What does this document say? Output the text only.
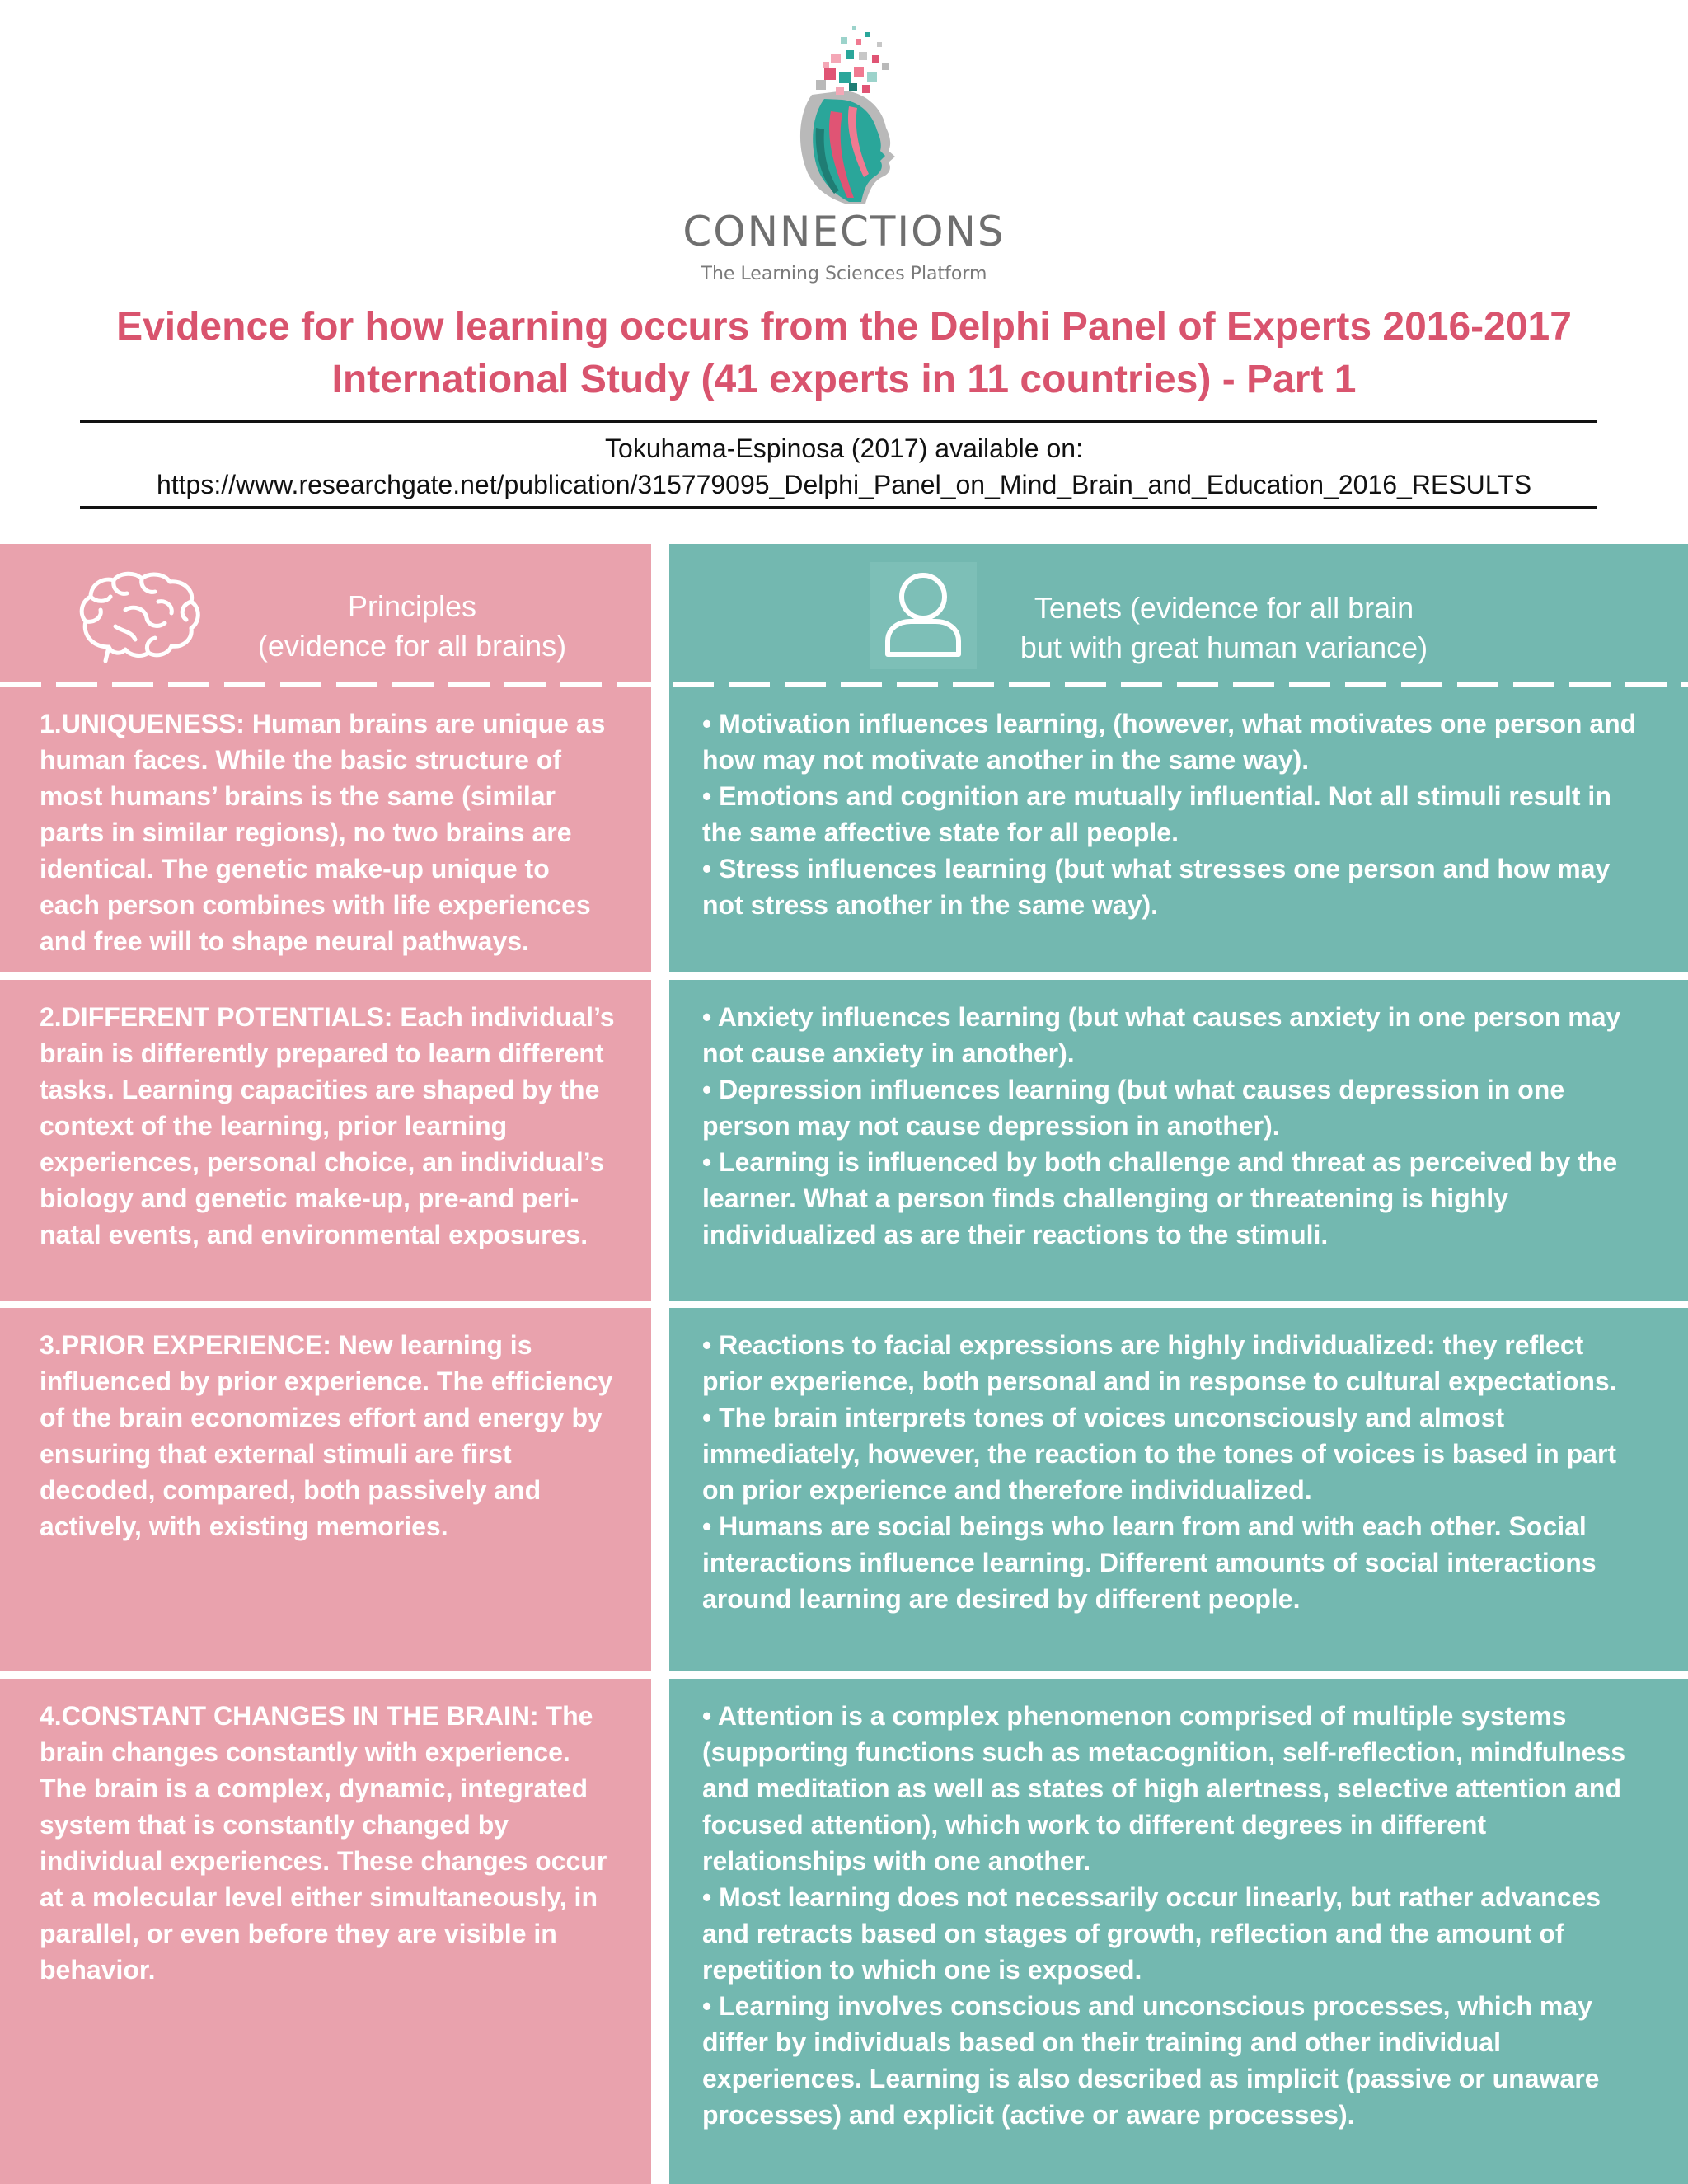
CONNECTIONS
The Learning Sciences Platform
Evidence for how learning occurs from the Delphi Panel of Experts 2016-2017
International Study (41 experts in 11 countries) - Part 1
Tokuhama-Espinosa (2017) available on:
https://www.researchgate.net/publication/315779095_Delphi_Panel_on_Mind_Brain_and_Education_2016_RESULTS
Principles
(evidence for all brains)
Tenets (evidence for all brain
but with great human variance)
1.UNIQUENESS: Human brains are unique as human faces. While the basic structure of most humans’ brains is the same (similar parts in similar regions), no two brains are identical. The genetic make-up unique to each person combines with life experiences and free will to shape neural pathways.
• Motivation influences learning, (however, what motivates one person and how may not motivate another in the same way).
• Emotions and cognition are mutually influential. Not all stimuli result in the same affective state for all people.
• Stress influences learning (but what stresses one person and how may not stress another in the same way).
2.DIFFERENT POTENTIALS: Each individual’s brain is differently prepared to learn different tasks. Learning capacities are shaped by the context of the learning, prior learning experiences, personal choice, an individual’s biology and genetic make-up, pre-and peri-natal events, and environmental exposures.
• Anxiety influences learning (but what causes anxiety in one person may not cause anxiety in another).
• Depression influences learning (but what causes depression in one person may not cause depression in another).
• Learning is influenced by both challenge and threat as perceived by the learner. What a person finds challenging or threatening is highly individualized as are their reactions to the stimuli.
3.PRIOR EXPERIENCE: New learning is influenced by prior experience. The efficiency of the brain economizes effort and energy by ensuring that external stimuli are first decoded, compared, both passively and actively, with existing memories.
• Reactions to facial expressions are highly individualized: they reflect prior experience, both personal and in response to cultural expectations.
• The brain interprets tones of voices unconsciously and almost immediately, however, the reaction to the tones of voices is based in part on prior experience and therefore individualized.
• Humans are social beings who learn from and with each other. Social interactions influence learning. Different amounts of social interactions around learning are desired by different people.
4.CONSTANT CHANGES IN THE BRAIN: The brain changes constantly with experience. The brain is a complex, dynamic, integrated system that is constantly changed by individual experiences. These changes occur at a molecular level either simultaneously, in parallel, or even before they are visible in behavior.
• Attention is a complex phenomenon comprised of multiple systems (supporting functions such as metacognition, self-reflection, mindfulness and meditation as well as states of high alertness, selective attention and focused attention), which work to different degrees in different relationships with one another.
• Most learning does not necessarily occur linearly, but rather advances and retracts based on stages of growth, reflection and the amount of repetition to which one is exposed.
• Learning involves conscious and unconscious processes, which may differ by individuals based on their training and other individual experiences. Learning is also described as implicit (passive or unaware processes) and explicit (active or aware processes).
